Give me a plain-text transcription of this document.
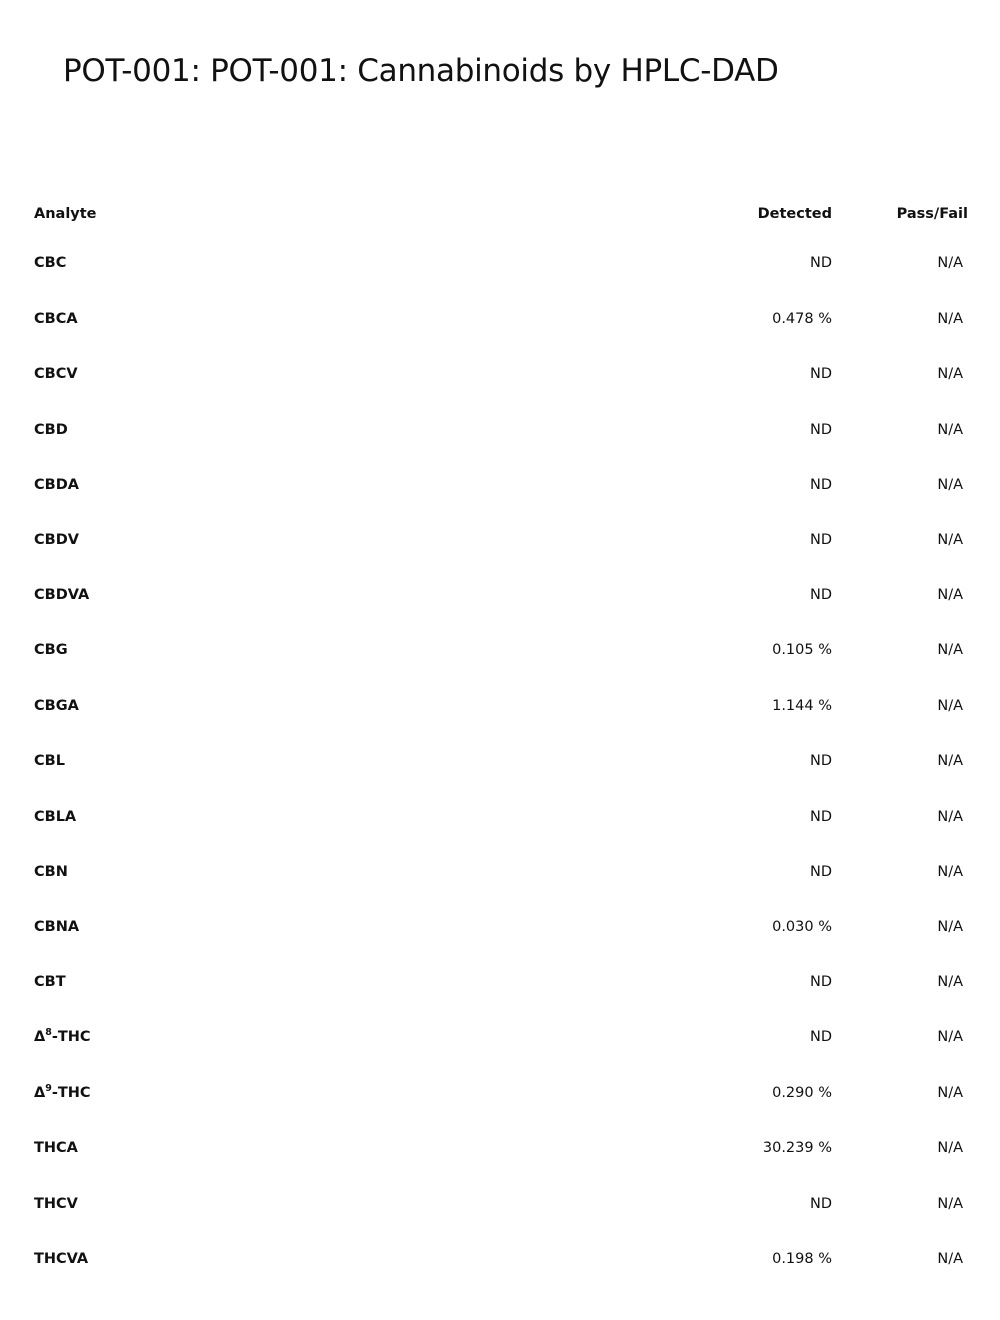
POT-001: POT-001: Cannabinoids by HPLC-DAD
Analyte	Detected	Pass/Fail
CBC	ND	N/A
CBCA	0.478 %	N/A
CBCV	ND	N/A
CBD	ND	N/A
CBDA	ND	N/A
CBDV	ND	N/A
CBDVA	ND	N/A
CBG	0.105 %	N/A
CBGA	1.144 %	N/A
CBL	ND	N/A
CBLA	ND	N/A
CBN	ND	N/A
CBNA	0.030 %	N/A
CBT	ND	N/A
$\Delta^8$-THC	ND	N/A
$\Delta^9$-THC	0.290 %	N/A
THCA	30.239 %	N/A
THCV	ND	N/A
THCVA	0.198 %	N/A
